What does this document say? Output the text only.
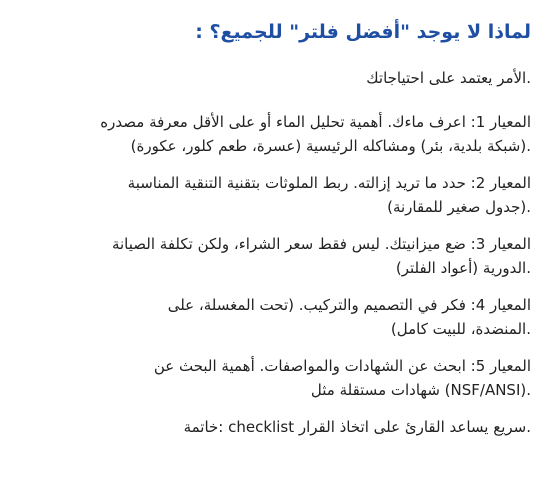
لماذا لا يوجد "أفضل فلتر" للجميع؟ :

.الأمر يعتمد على احتياجاتك

المعيار 1: اعرف ماءك. أهمية تحليل الماء أو على الأقل معرفة مصدره
.(شبكة بلدية، بئر) ومشاكله الرئيسية (عسرة، طعم كلور، عكورة)
المعيار 2: حدد ما تريد إزالته. ربط الملوثات بتقنية التنقية المناسبة
.(جدول صغير للمقارنة)
المعيار 3: ضع ميزانيتك. ليس فقط سعر الشراء، ولكن تكلفة الصيانة
.الدورية (أعواد الفلتر)
المعيار 4: فكر في التصميم والتركيب. (تحت المغسلة، على
.المنضدة، للبيت كامل)
المعيار 5: ابحث عن الشهادات والمواصفات. أهمية البحث عن
.(NSF/ANSI) شهادات مستقلة مثل

.سريع يساعد القارئ على اتخاذ القرار checklist :خاتمة
